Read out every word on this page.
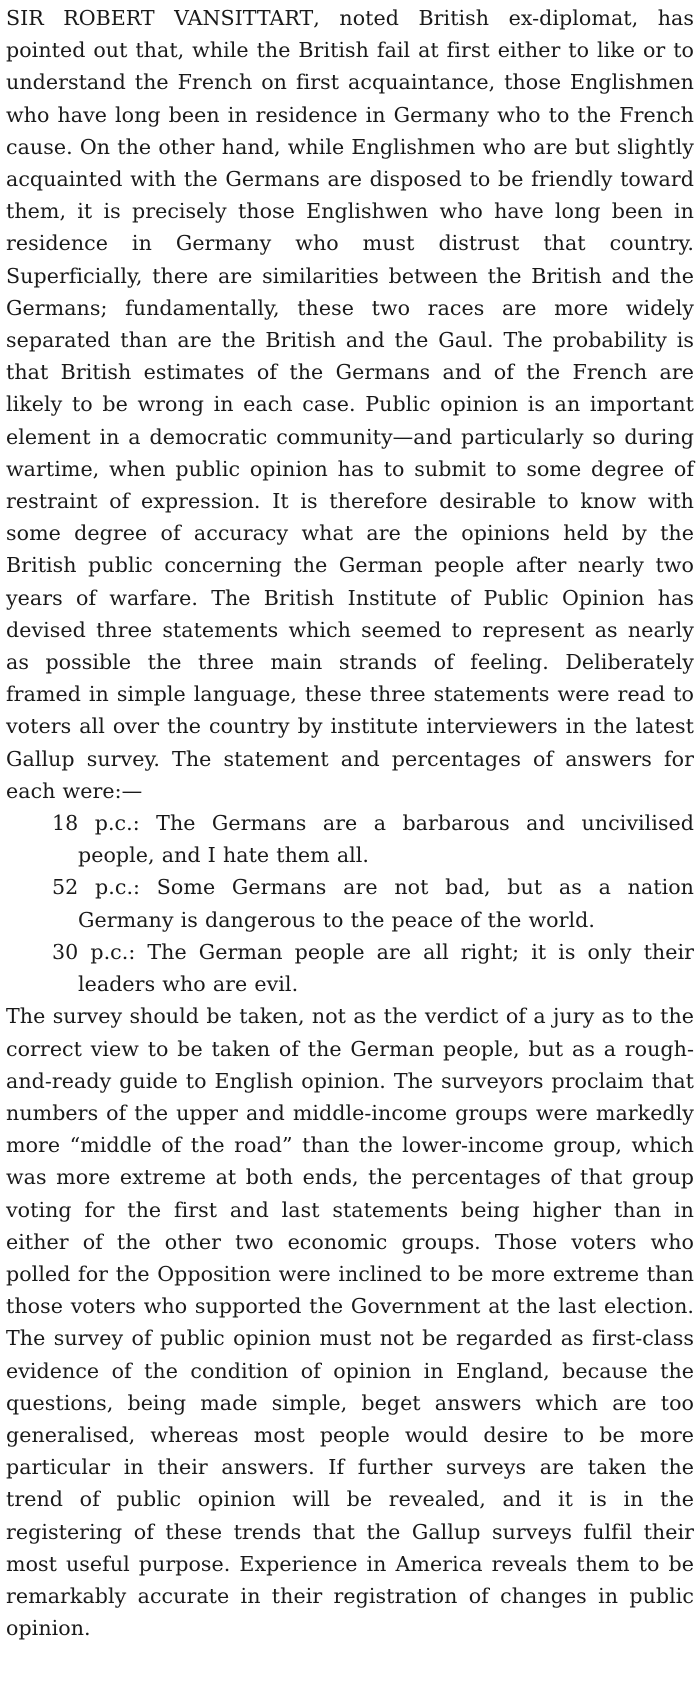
SIR ROBERT VANSITTART, noted British ex-diplomat, has pointed out that, while the British fail at first either to like or to understand the French on first acquaintance, those Englishmen who have long been in residence in Germany who to the French cause. On the other hand, while Englishmen who are but slightly acquainted with the Germans are disposed to be friendly toward them, it is precisely those Englishwen who have long been in residence in Germany who must distrust that country. Superficially, there are similarities between the British and the Germans; fundamentally, these two races are more widely separated than are the British and the Gaul. The probability is that British estimates of the Germans and of the French are likely to be wrong in each case. Public opinion is an important element in a democratic community—and particularly so during wartime, when public opinion has to submit to some degree of restraint of expression. It is therefore desirable to know with some degree of accuracy what are the opinions held by the British public concerning the German people after nearly two years of warfare. The British Institute of Public Opinion has devised three statements which seemed to represent as nearly as possible the three main strands of feeling. Deliberately framed in simple language, these three statements were read to voters all over the country by institute interviewers in the latest Gallup survey. The statement and percentages of answers for each were:—

18 p.c.: The Germans are a barbarous and uncivilised people, and I hate them all.
52 p.c.: Some Germans are not bad, but as a nation Germany is dangerous to the peace of the world.
30 p.c.: The German people are all right; it is only their leaders who are evil.

The survey should be taken, not as the verdict of a jury as to the correct view to be taken of the German people, but as a rough-and-ready guide to English opinion. The surveyors proclaim that numbers of the upper and middle-income groups were markedly more “middle of the road” than the lower-income group, which was more extreme at both ends, the percentages of that group voting for the first and last statements being higher than in either of the other two economic groups. Those voters who polled for the Opposition were inclined to be more extreme than those voters who supported the Government at the last election. The survey of public opinion must not be regarded as first-class evidence of the condition of opinion in England, because the questions, being made simple, beget answers which are too generalised, whereas most people would desire to be more particular in their answers. If further surveys are taken the trend of public opinion will be revealed, and it is in the registering of these trends that the Gallup surveys fulfil their most useful purpose. Experience in America reveals them to be remarkably accurate in their registration of changes in public opinion.
